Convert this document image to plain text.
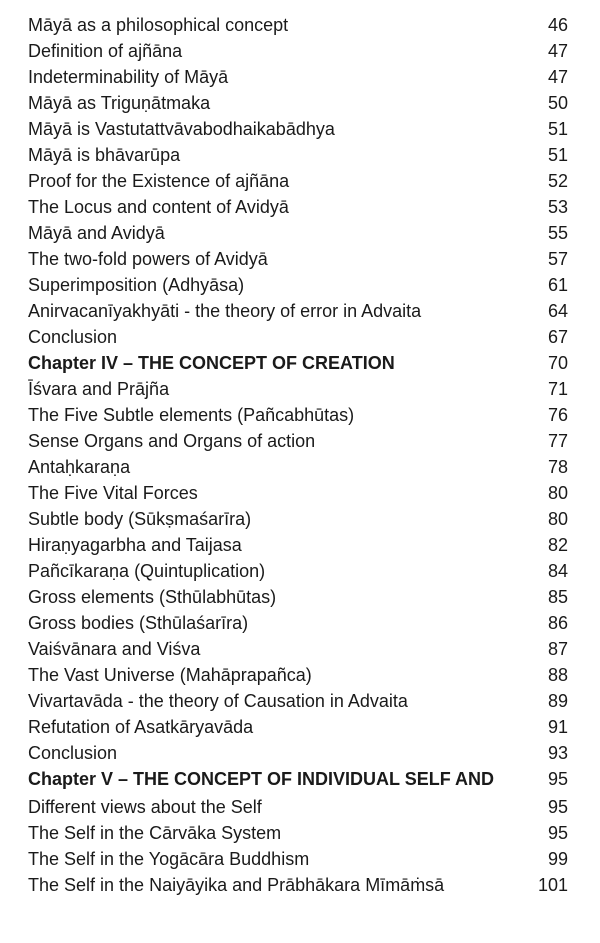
Māyā as a philosophical concept	46
Definition of ajñāna	47
Indeterminability of Māyā	47
Māyā as Triguṇātmaka	50
Māyā is Vastutattvāvabodhaikabādhya	51
Māyā is bhāvarūpa	51
Proof for the Existence of ajñāna	52
The Locus and content of Avidyā	53
Māyā and Avidyā	55
The two-fold powers of Avidyā	57
Superimposition (Adhyāsa)	61
Anirvacanīyakhyāti - the theory of error in Advaita	64
Conclusion	67
Chapter IV – THE CONCEPT OF CREATION	70
Īśvara and Prājña	71
The Five Subtle elements (Pañcabhūtas)	76
Sense Organs and Organs of action	77
Antaḥkaraṇa	78
The Five Vital Forces	80
Subtle body (Sūkṣmaśarīra)	80
Hiraṇyagarbha and Taijasa	82
Pañcīkaraṇa (Quintuplication)	84
Gross elements (Sthūlabhūtas)	85
Gross bodies (Sthūlaśarīra)	86
Vaiśvānara and Viśva	87
The Vast Universe (Mahāprapañca)	88
Vivartavāda - the theory of Causation in Advaita	89
Refutation of Asatkāryavāda	91
Conclusion	93
Chapter V – THE CONCEPT OF INDIVIDUAL SELF AND	95
Different views about the Self	95
The Self in the Cārvāka System	95
The Self in the Yogācāra Buddhism	99
The Self in the Naiyāyika and Prābhākara Mīmāṁsā	101
